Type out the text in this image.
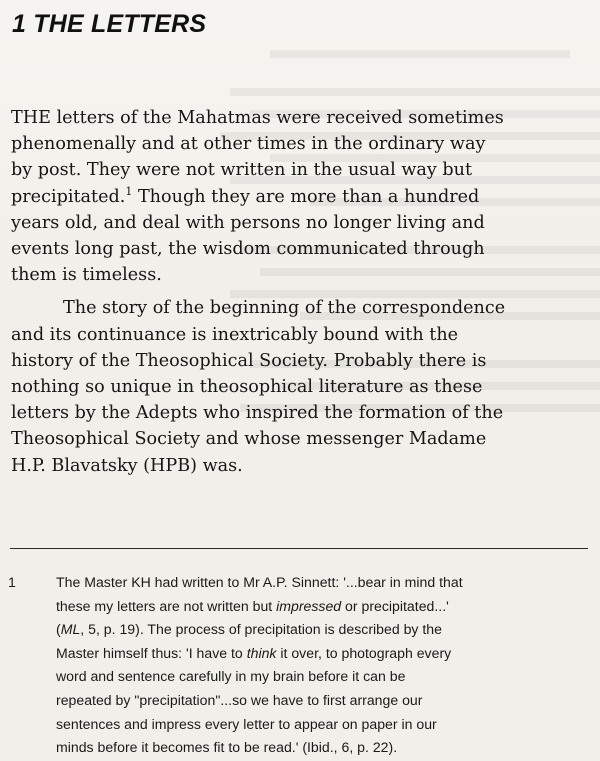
1 THE LETTERS

THE letters of the Mahatmas were received sometimes
phenomenally and at other times in the ordinary way
by post. They were not written in the usual way but
precipitated.$^1$ Though they are more than a hundred
years old, and deal with persons no longer living and
events long past, the wisdom communicated through
them is timeless.

The story of the beginning of the correspondence
and its continuance is inextricably bound with the
history of the Theosophical Society. Probably there is
nothing so unique in theosophical literature as these
letters by the Adepts who inspired the formation of the
Theosophical Society and whose messenger Madame
H.P. Blavatsky (HPB) was.

1	The Master KH had written to Mr A.P. Sinnett: '...bear in mind that
these my letters are not written but impressed or precipitated...'
(ML, 5, p. 19). The process of precipitation is described by the
Master himself thus: 'I have to think it over, to photograph every
word and sentence carefully in my brain before it can be
repeated by "precipitation"...so we have to first arrange our
sentences and impress every letter to appear on paper in our
minds before it becomes fit to be read.' (Ibid., 6, p. 22).
